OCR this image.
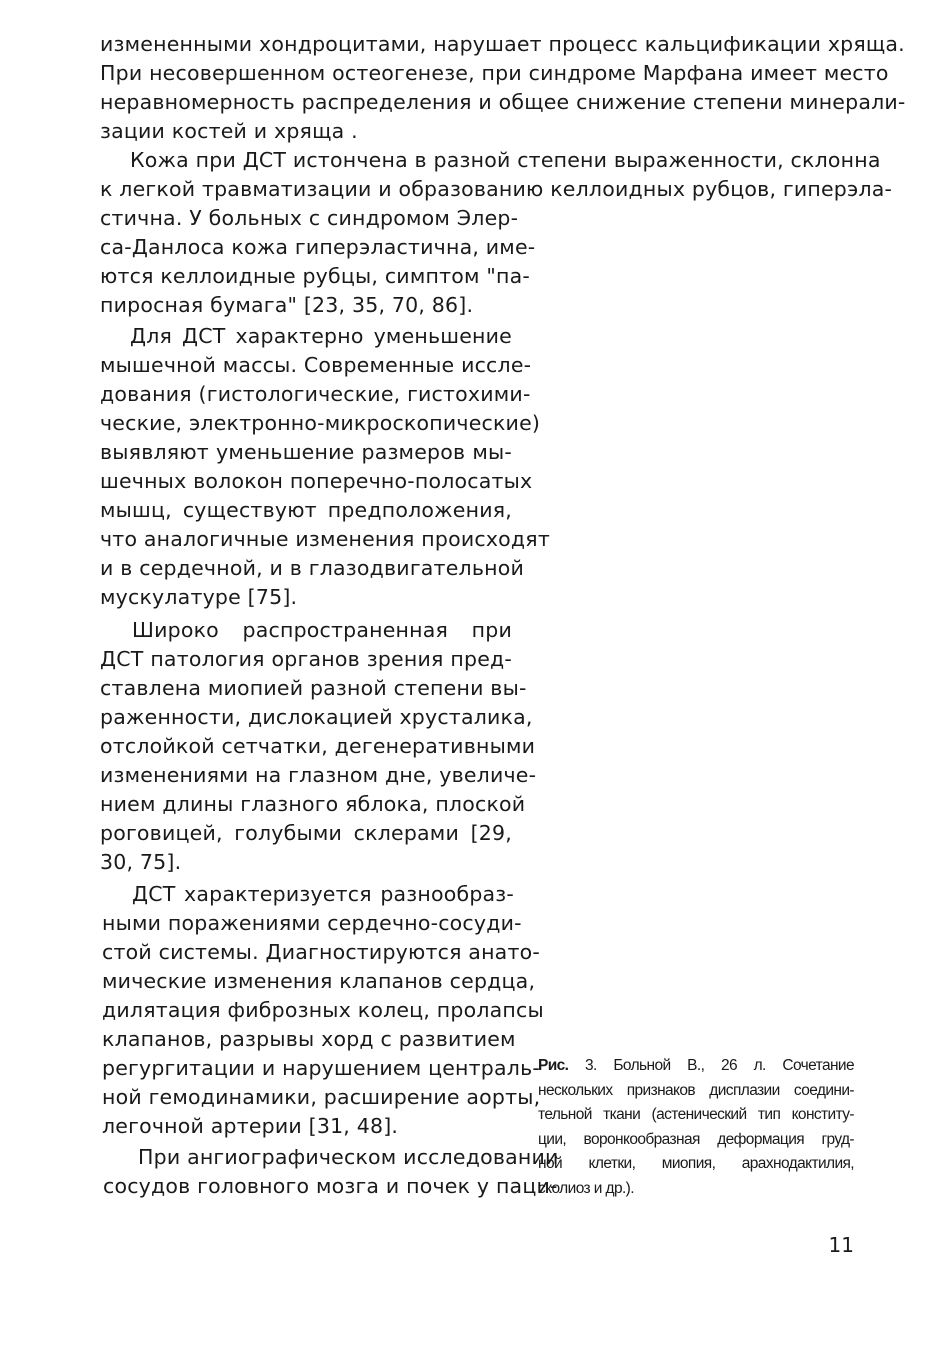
измененными хондроцитами, нарушает процесс кальцификации хряща.

При несовершенном остеогенезе, при синдроме Марфана имеет место

неравномерность распределения и общее снижение степени минерали-

зации костей и хряща .

Кожа при ДСТ истончена в разной степени выраженности, склонна

к легкой травматизации и образованию келлоидных рубцов, гиперэла-

стична. У больных с синдромом Элер-

са-Данлоса кожа гиперэластична, име-

ются келлоидные рубцы, симптом "па-

пиросная бумага" [23, 35, 70, 86].

Для ДСТ характерно уменьшение

мышечной массы. Современные иссле-

дования (гистологические, гистохими-

ческие, электронно-микроскопические)

выявляют уменьшение размеров мы-

шечных волокон поперечно-полосатых

мышц, существуют предположения,

что аналогичные изменения происходят

и в сердечной, и в глазодвигательной

мускулатуре [75].

Широко распространенная при

ДСТ патология органов зрения пред-

ставлена миопией разной степени вы-

раженности, дислокацией хрусталика,

отслойкой сетчатки, дегенеративными

изменениями на глазном дне, увеличе-

нием длины глазного яблока, плоской

роговицей, голубыми склерами [29,

30, 75].

ДСТ характеризуется разнообраз-

ными поражениями сердечно-сосуди-

стой системы. Диагностируются анато-

мические изменения клапанов сердца,

дилятация фиброзных колец, пролапсы

клапанов, разрывы хорд с развитием

регургитации и нарушением централь-

ной гемодинамики, расширение аорты,

легочной артерии [31, 48].

При ангиографическом исследовании

сосудов головного мозга и почек у паци-

Рис. 3. Больной В., 26 л. Сочетание
нескольких признаков дисплазии соедини-
тельной ткани (астенический тип конститу-
ции, воронкообразная деформация груд-
ной клетки, миопия, арахнодактилия,
сколиоз и др.).
11
